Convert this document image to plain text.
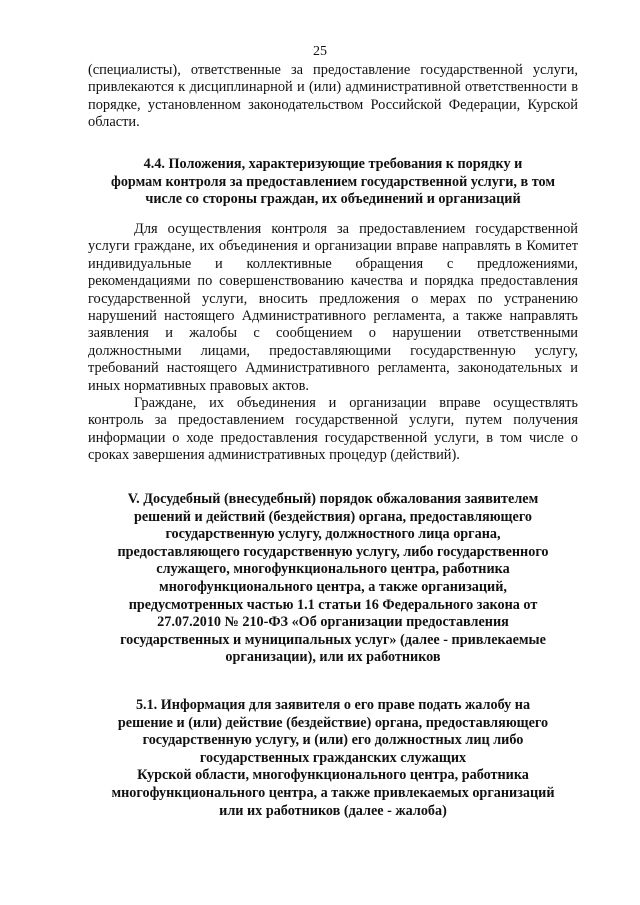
25

(специалисты), ответственные за предоставление государственной услуги, привлекаются к дисциплинарной и (или) административной ответственности в порядке, установленном законодательством Российской Федерации, Курской области.

4.4. Положения, характеризующие требования к порядку и
формам контроля за предоставлением государственной услуги, в том
числе со стороны граждан, их объединений и организаций

Для осуществления контроля за предоставлением государственной услуги граждане, их объединения и организации вправе направлять в Комитет индивидуальные и коллективные обращения с предложениями, рекомендациями по совершенствованию качества и порядка предоставления государственной услуги, вносить предложения о мерах по устранению нарушений настоящего Административного регламента, а также направлять заявления и жалобы с сообщением о нарушении ответственными должностными лицами, предоставляющими государственную услугу, требований настоящего Административного регламента, законодательных и иных нормативных правовых актов.

Граждане, их объединения и организации вправе осуществлять контроль за предоставлением государственной услуги, путем получения информации о ходе предоставления государственной услуги, в том числе о сроках завершения административных процедур (действий).

V. Досудебный (внесудебный) порядок обжалования заявителем
решений и действий (бездействия) органа, предоставляющего
государственную услугу, должностного лица органа,
предоставляющего государственную услугу, либо государственного
служащего, многофункционального центра, работника
многофункционального центра, а также организаций,
предусмотренных частью 1.1 статьи 16 Федерального закона от
27.07.2010 № 210-ФЗ «Об организации предоставления
государственных и муниципальных услуг» (далее - привлекаемые
организации), или их работников
5.1. Информация для заявителя о его праве подать жалобу на
решение и (или) действие (бездействие) органа, предоставляющего
государственную услугу, и (или) его должностных лиц либо
государственных гражданских служащих
Курской области, многофункционального центра, работника
многофункционального центра, а также привлекаемых организаций
или их работников (далее - жалоба)
